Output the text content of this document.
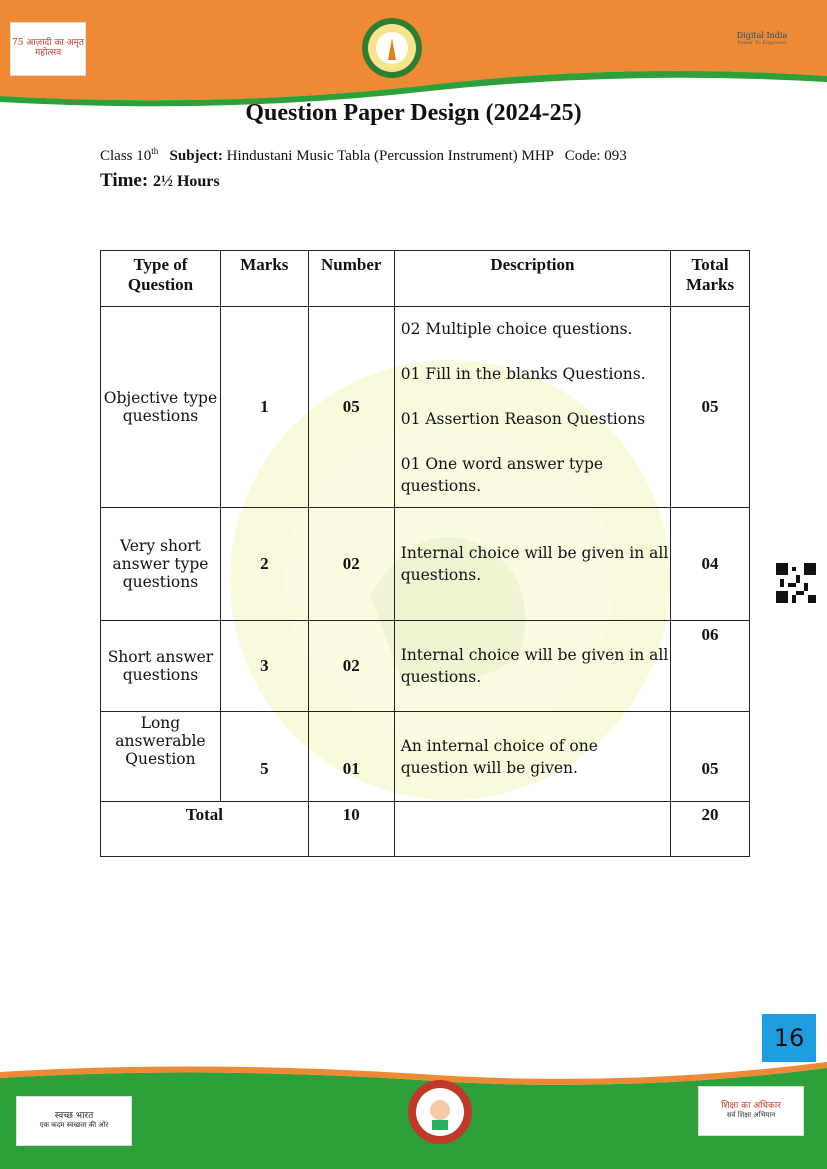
75 आज़ादी का अमृत महोत्सव
Digital India
Power To Empower
Question Paper Design (2024-25)
Class 10th Subject: Hindustani Music Tabla (Percussion Instrument) MHP Code: 093
Time: 2½ Hours
Type of Question	Marks	Number	Description	Total Marks
Objective type questions	1	05	02 Multiple choice questions.

01 Fill in the blanks Questions.

01 Assertion Reason Questions

01 One word answer type questions.	05
Very short answer type questions	2	02	Internal choice will be given in all questions.	04
Short answer questions	3	02	Internal choice will be given in all questions.	06
Long answerable Question	5	01	An internal choice of one question will be given.	05
Total		10		20
16
स्वच्छ भारत
एक कदम स्वच्छता की ओर
शिक्षा का अधिकार
सर्व शिक्षा अभियान
